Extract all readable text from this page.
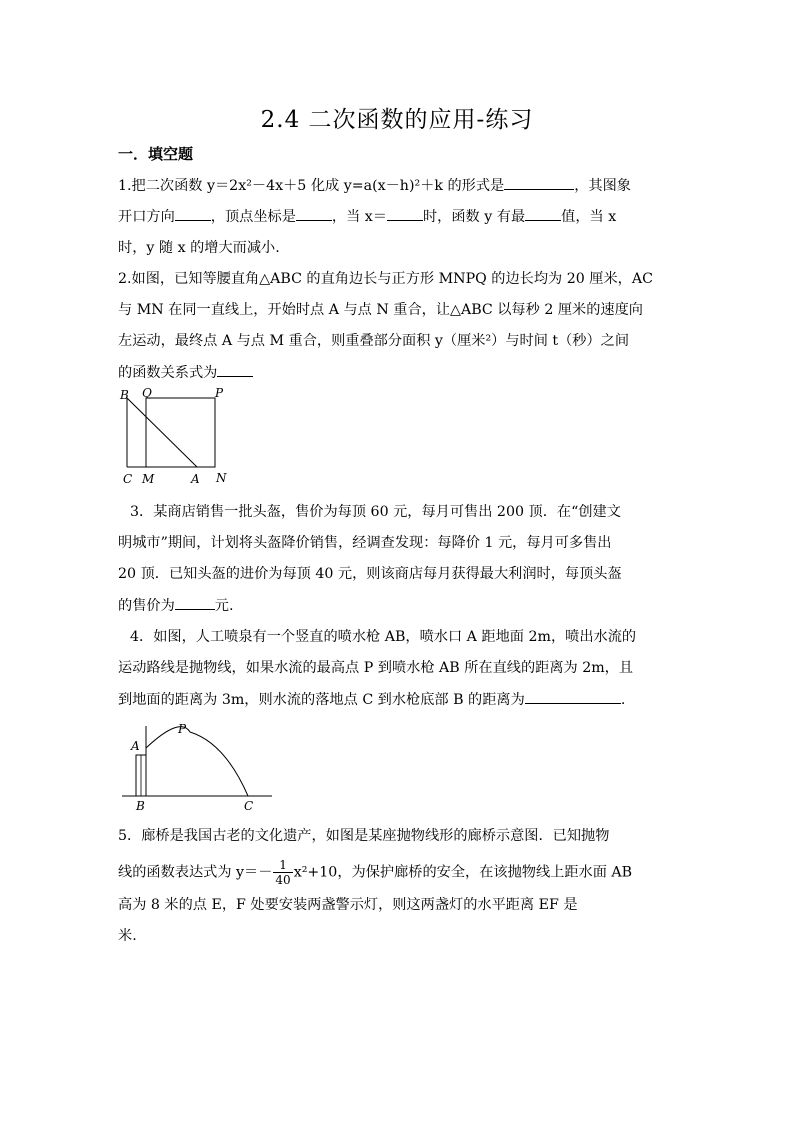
2.4 二次函数的应用-练习
一．填空题
1.把二次函数 y＝2x²－4x＋5 化成 y=a(x－h)²＋k 的形式是	，其图象
开口方向	，顶点坐标是	，当 x＝	时，函数 y 有最	值，当 x
时，y 随 x 的增大而减小.
2.如图，已知等腰直角△ABC 的直角边长与正方形 MNPQ 的边长均为 20 厘米，AC
与 MN 在同一直线上，开始时点 A 与点 N 重合，让△ABC 以每秒 2 厘米的速度向
左运动，最终点 A 与点 M 重合，则重叠部分面积 y（厘米²）与时间 t（秒）之间
的函数关系式为
B Q	P
C M	A N
3．某商店销售一批头盔，售价为每顶 60 元，每月可售出 200 顶．在“创建文
明城市”期间，计划将头盔降价销售，经调查发现：每降价 1 元，每月可多售出
20 顶．已知头盔的进价为每顶 40 元，则该商店每月获得最大利润时，每顶头盔
的售价为	元.
4．如图，人工喷泉有一个竖直的喷水枪 AB，喷水口 A 距地面 2m，喷出水流的
运动路线是抛物线，如果水流的最高点 P 到喷水枪 AB 所在直线的距离为 2m，且
到地面的距离为 3m，则水流的落地点 C 到水枪底部 B 的距离为	.
A
P
B	C
5．廊桥是我国古老的文化遗产，如图是某座抛物线形的廊桥示意图．已知抛物
线的函数表达式为 $y=- \frac{1}{40} x^2+10$，为保护廊桥的安全，在该抛物线上距水面 AB
高为 8 米的点 E，F 处要安装两盏警示灯，则这两盏灯的水平距离 EF 是
米.
